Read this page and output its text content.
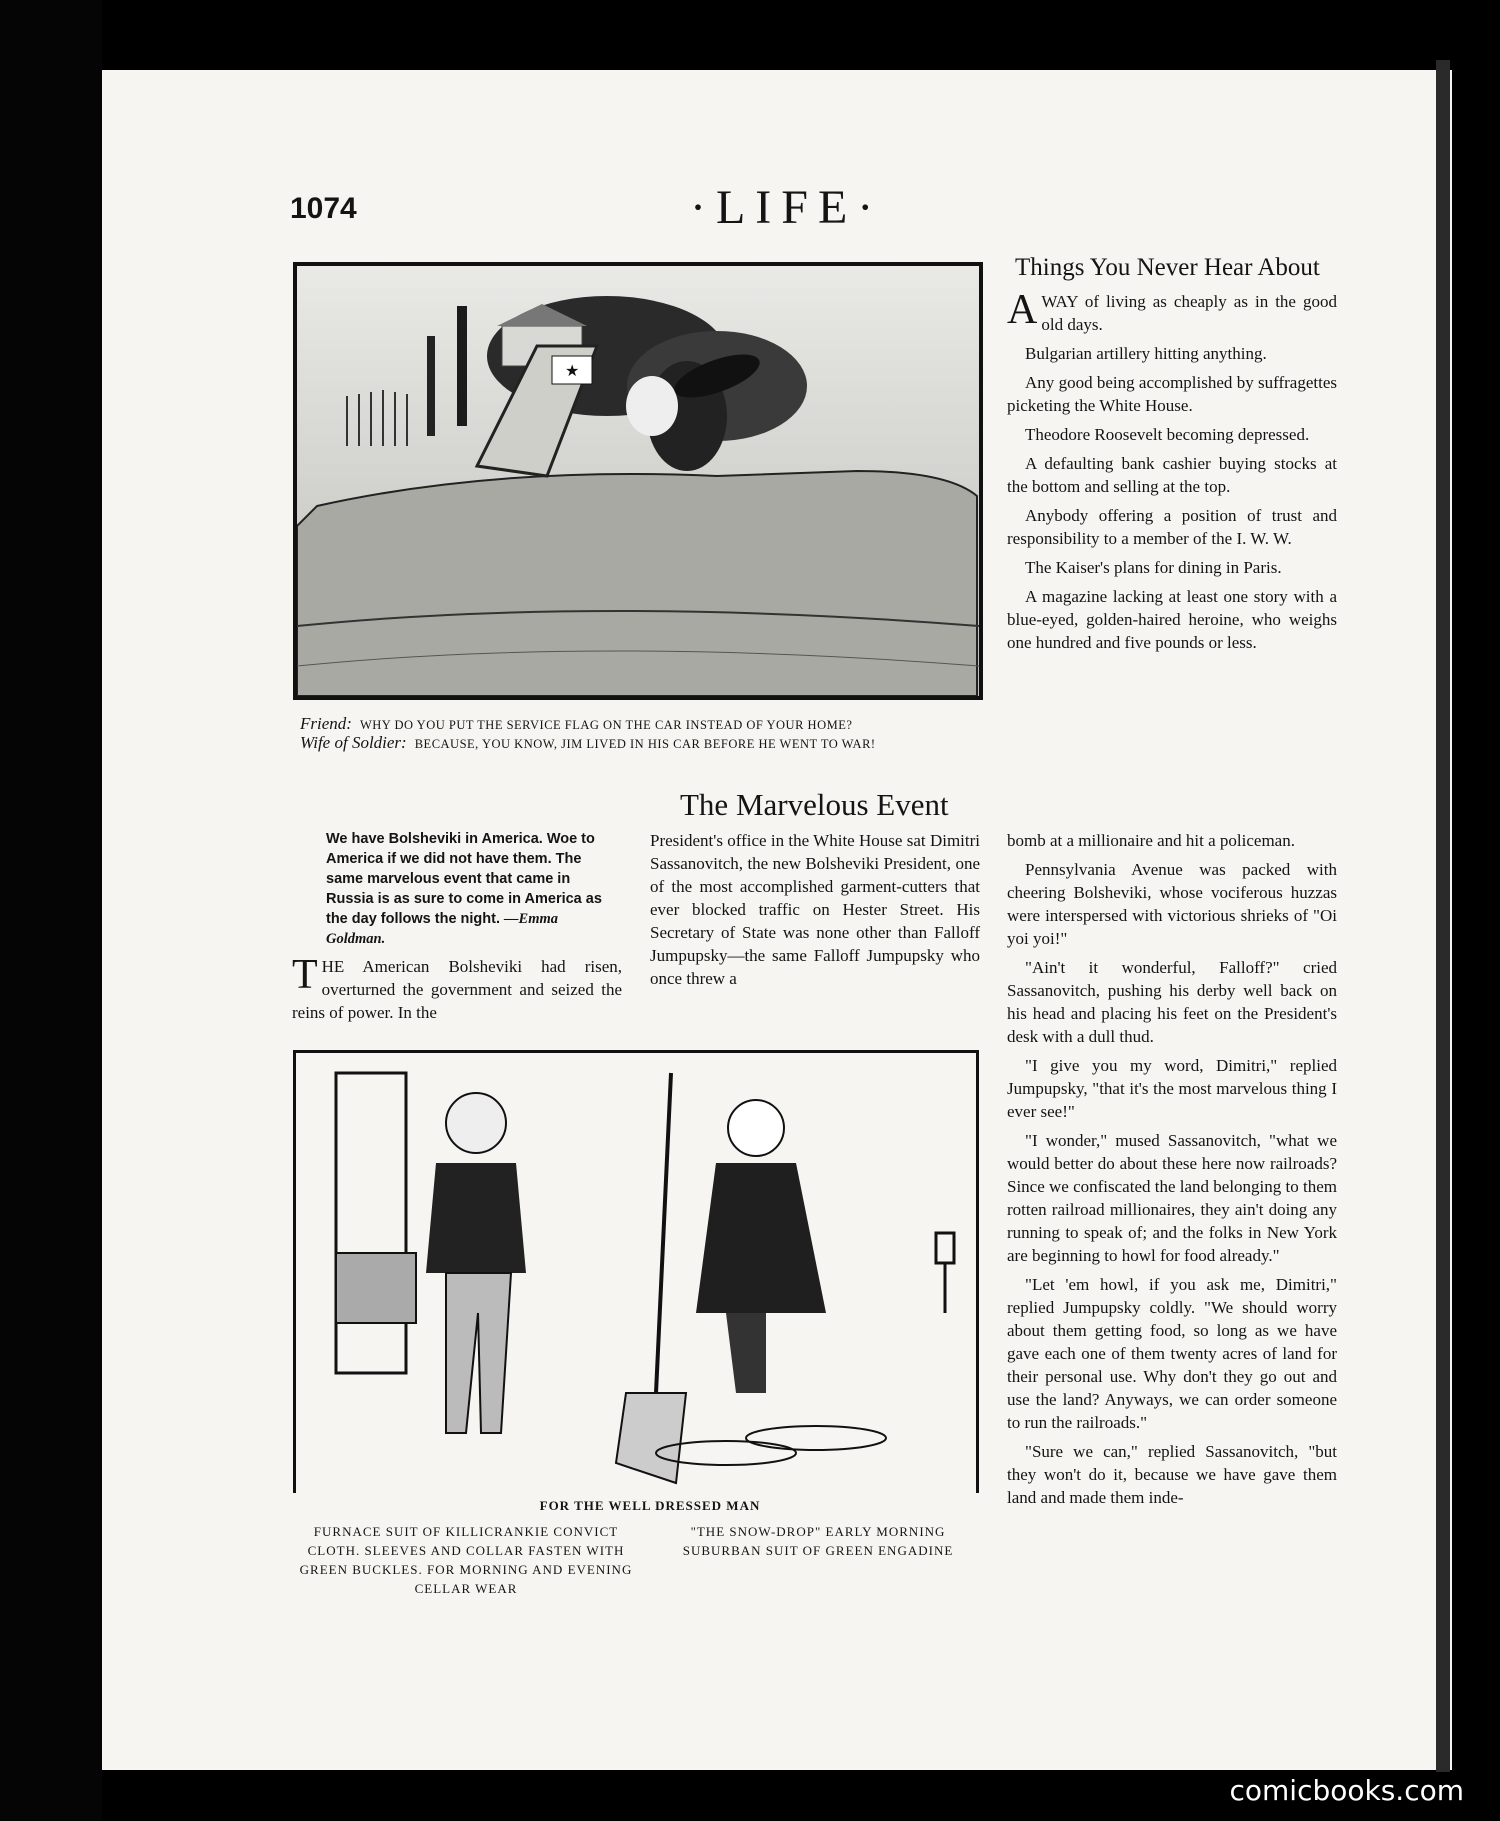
1074	·LIFE·
★
Friend: WHY DO YOU PUT THE SERVICE FLAG ON THE CAR INSTEAD OF YOUR HOME?
Wife of Soldier: BECAUSE, YOU KNOW, JIM LIVED IN HIS CAR BEFORE HE WENT TO WAR!
Things You Never Hear About

AWAY of living as cheaply as in the good old days.

Bulgarian artillery hitting anything.

Any good being accomplished by suffragettes picketing the White House.

Theodore Roosevelt becoming depressed.

A defaulting bank cashier buying stocks at the bottom and selling at the top.

Anybody offering a position of trust and responsibility to a member of the I. W. W.

The Kaiser's plans for dining in Paris.

A magazine lacking at least one story with a blue-eyed, golden-haired heroine, who weighs one hundred and five pounds or less.

The Marvelous Event
We have Bolsheviki in America. Woe to America if we did not have them. The same marvelous event that came in Russia is as sure to come in America as the day follows the night. —Emma Goldman.

THE American Bolsheviki had risen, overturned the government and seized the reins of power. In the

President's office in the White House sat Dimitri Sassanovitch, the new Bolsheviki President, one of the most accomplished garment-cutters that ever blocked traffic on Hester Street. His Secretary of State was none other than Falloff Jumpupsky—the same Falloff Jumpupsky who once threw a

bomb at a millionaire and hit a policeman.

Pennsylvania Avenue was packed with cheering Bolsheviki, whose vociferous huzzas were interspersed with victorious shrieks of "Oi yoi yoi!"

"Ain't it wonderful, Falloff?" cried Sassanovitch, pushing his derby well back on his head and placing his feet on the President's desk with a dull thud.

"I give you my word, Dimitri," replied Jumpupsky, "that it's the most marvelous thing I ever see!"

"I wonder," mused Sassanovitch, "what we would better do about these here now railroads? Since we confiscated the land belonging to them rotten railroad millionaires, they ain't doing any running to speak of; and the folks in New York are beginning to howl for food already."

"Let 'em howl, if you ask me, Dimitri," replied Jumpupsky coldly. "We should worry about them getting food, so long as we have gave each one of them twenty acres of land for their personal use. Why don't they go out and use the land? Anyways, we can order someone to run the railroads."

"Sure we can," replied Sassanovitch, "but they won't do it, because we have gave them land and made them inde-

FOR THE WELL DRESSED MAN
FURNACE SUIT OF KILLICRANKIE CONVICT CLOTH. SLEEVES AND COLLAR FASTEN WITH GREEN BUCKLES. FOR MORNING AND EVENING CELLAR WEAR
"THE SNOW-DROP" EARLY MORNING SUBURBAN SUIT OF GREEN ENGADINE
comicbooks.com
